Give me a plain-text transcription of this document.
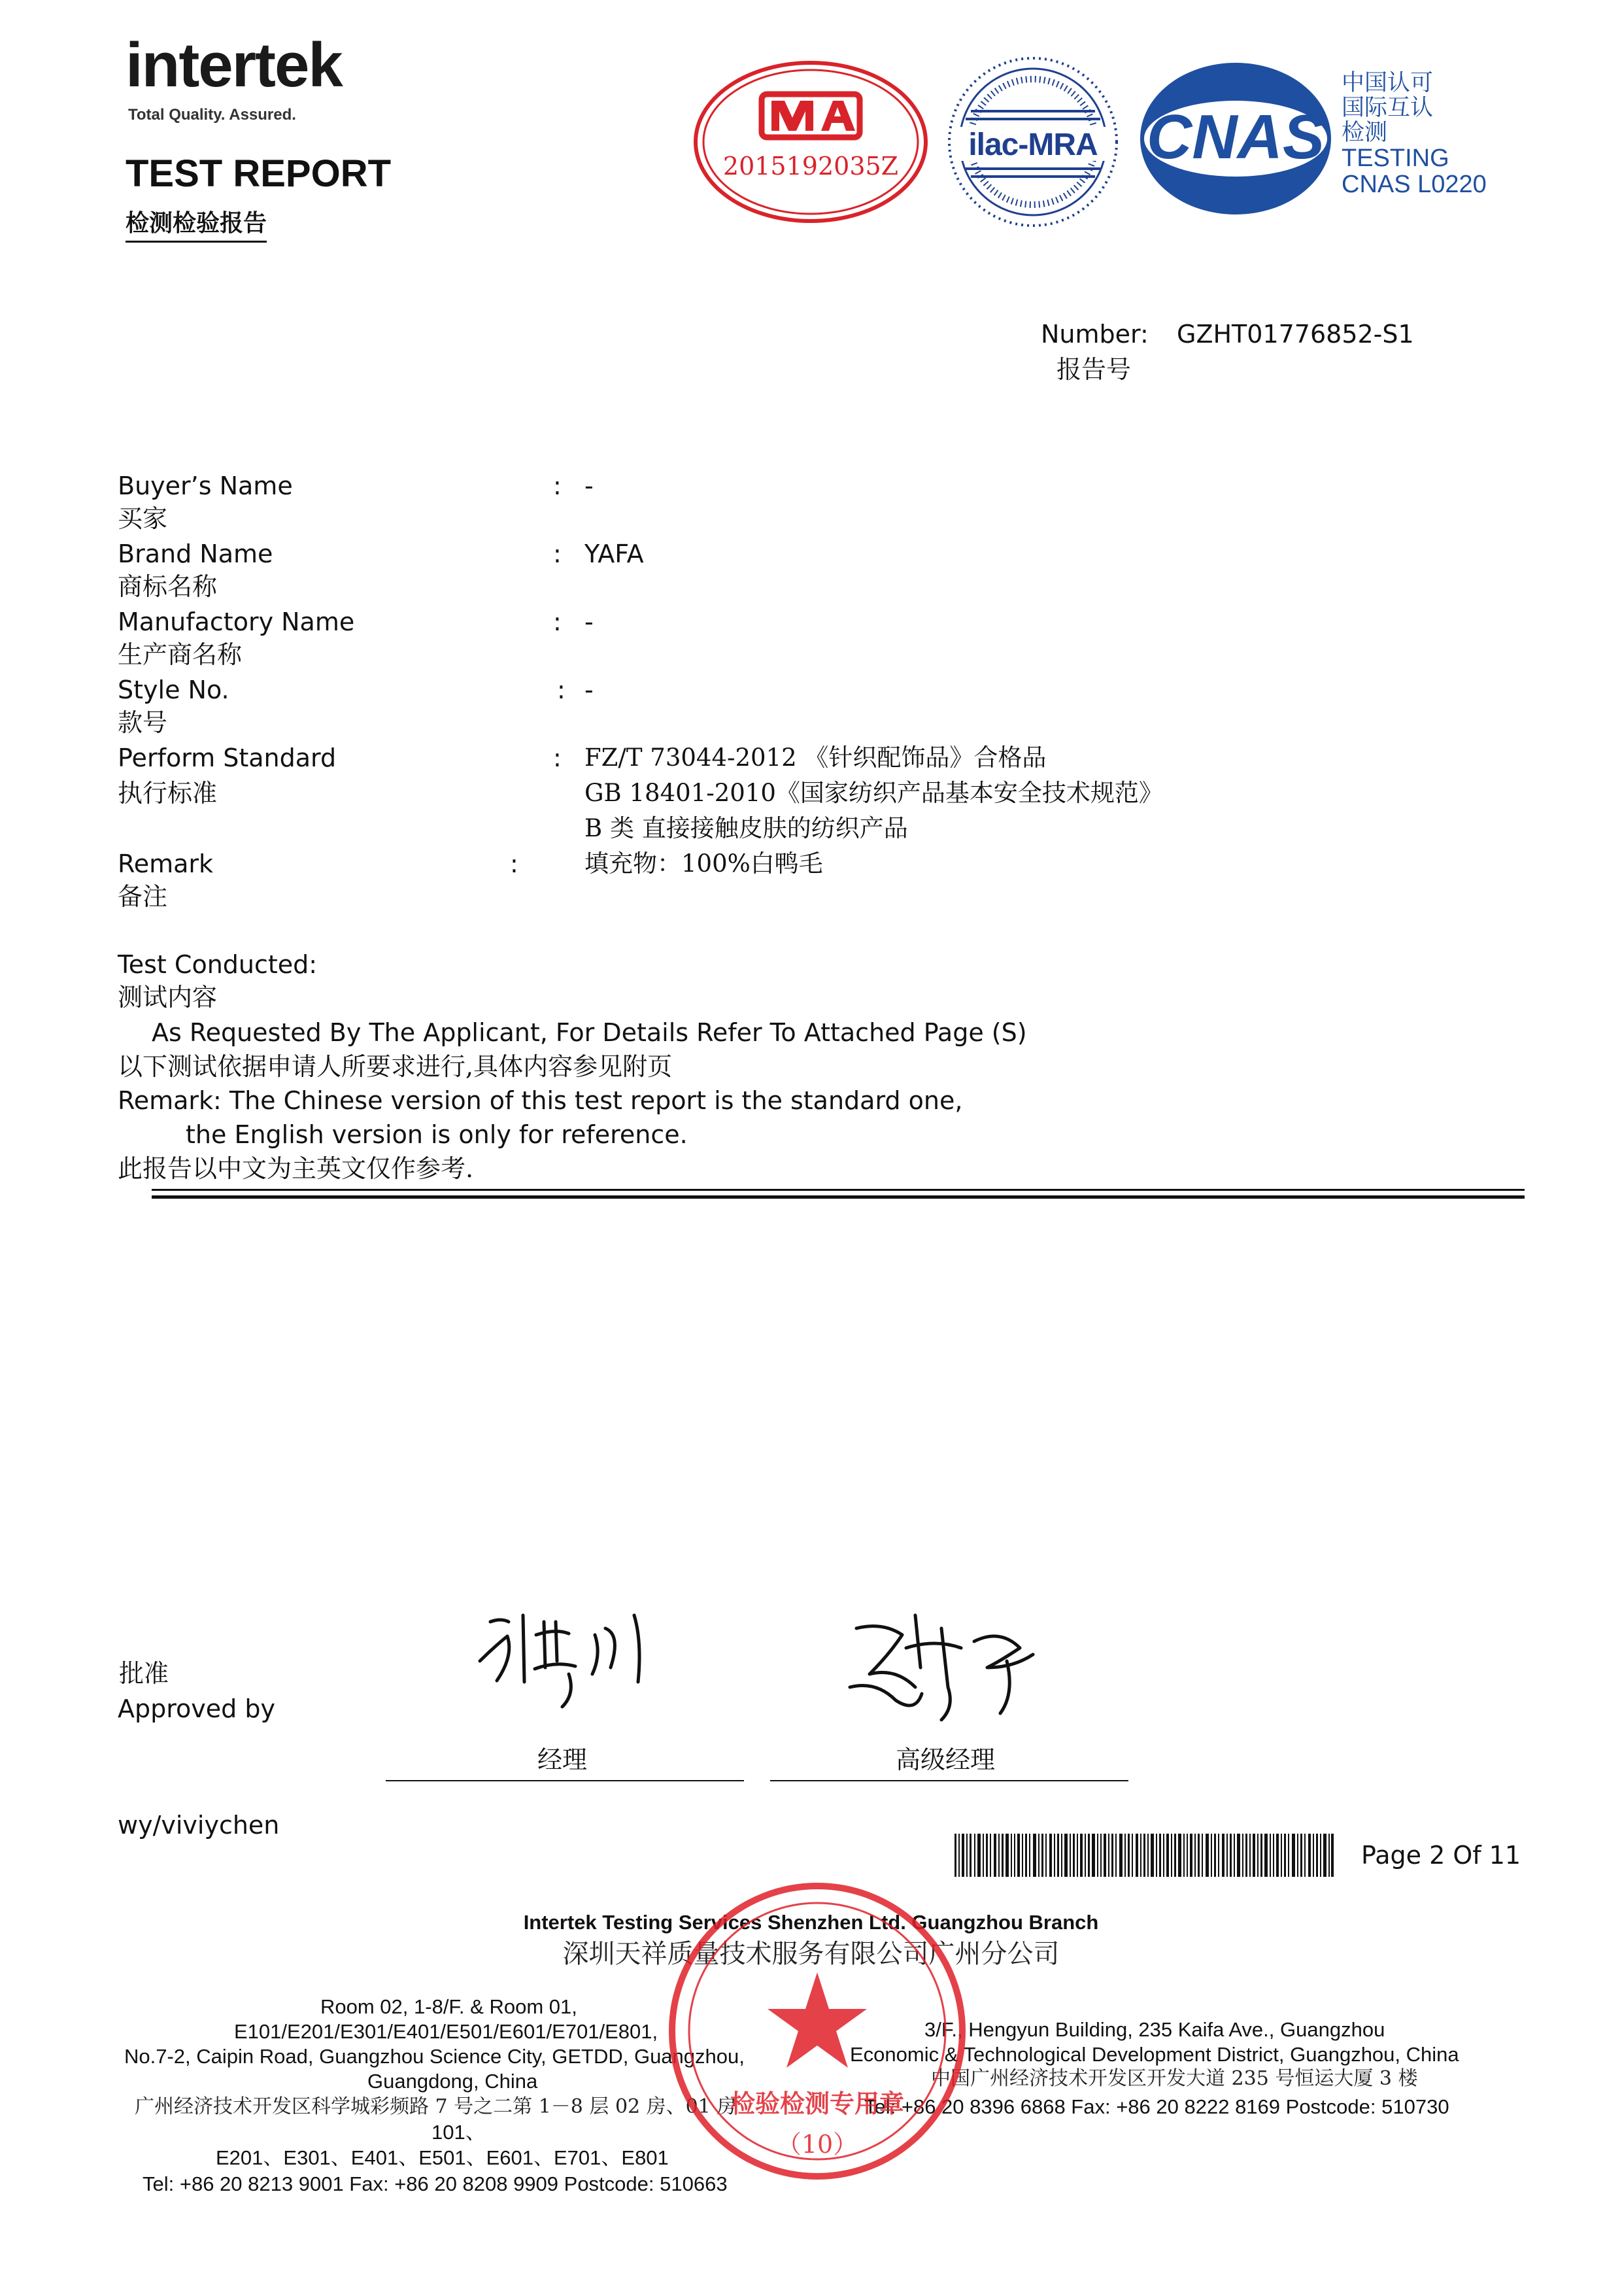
intertek
Total Quality. Assured.
TEST REPORT
检测检验报告
2015192035Z
ilac-MRA CNAS
中国认可
国际互认
检测
TESTING
CNAS L0220
Number: GZHT01776852-S1
报告号
Buyer’s Name
买家
: -
Brand Name
商标名称
: YAFA
Manufactory Name
生产商名称
: -
Style No.
款号
: -
Perform Standard
执行标准
: FZ/T 73044-2012 《针织配饰品》合格品
GB 18401-2010《国家纺织产品基本安全技术规范》
B 类 直接接触皮肤的纺织产品
Remark
备注
:	填充物：100%白鸭毛
Test Conducted:
测试内容
As Requested By The Applicant, For Details Refer To Attached Page (S)
以下测试依据申请人所要求进行,具体内容参见附页
Remark: The Chinese version of this test report is the standard one,
the English version is only for reference.
此报告以中文为主英文仅作参考.
批准
Approved by
经理	高级经理
wy/viviychen
Page 2 Of 11
Intertek Testing Services Shenzhen Ltd. Guangzhou Branch
深圳天祥质量技术服务有限公司广州分公司
Room 02, 1-8/F. & Room 01,
E101/E201/E301/E401/E501/E601/E701/E801,
No.7-2, Caipin Road, Guangzhou Science City, GETDD, Guangzhou,
Guangdong, China
广州经济技术开发区科学城彩频路 7 号之二第 1－8 层 02 房、01 房
101、
E201、E301、E401、E501、E601、E701、E801
Tel: +86 20 8213 9001 Fax: +86 20 8208 9909 Postcode: 510663
3/F., Hengyun Building, 235 Kaifa Ave., Guangzhou
Economic & Technological Development District, Guangzhou, China
中国广州经济技术开发区开发大道 235 号恒运大厦 3 楼
Tel: +86 20 8396 6868 Fax: +86 20 8222 8169 Postcode: 510730
检验检测专用章
（10）
